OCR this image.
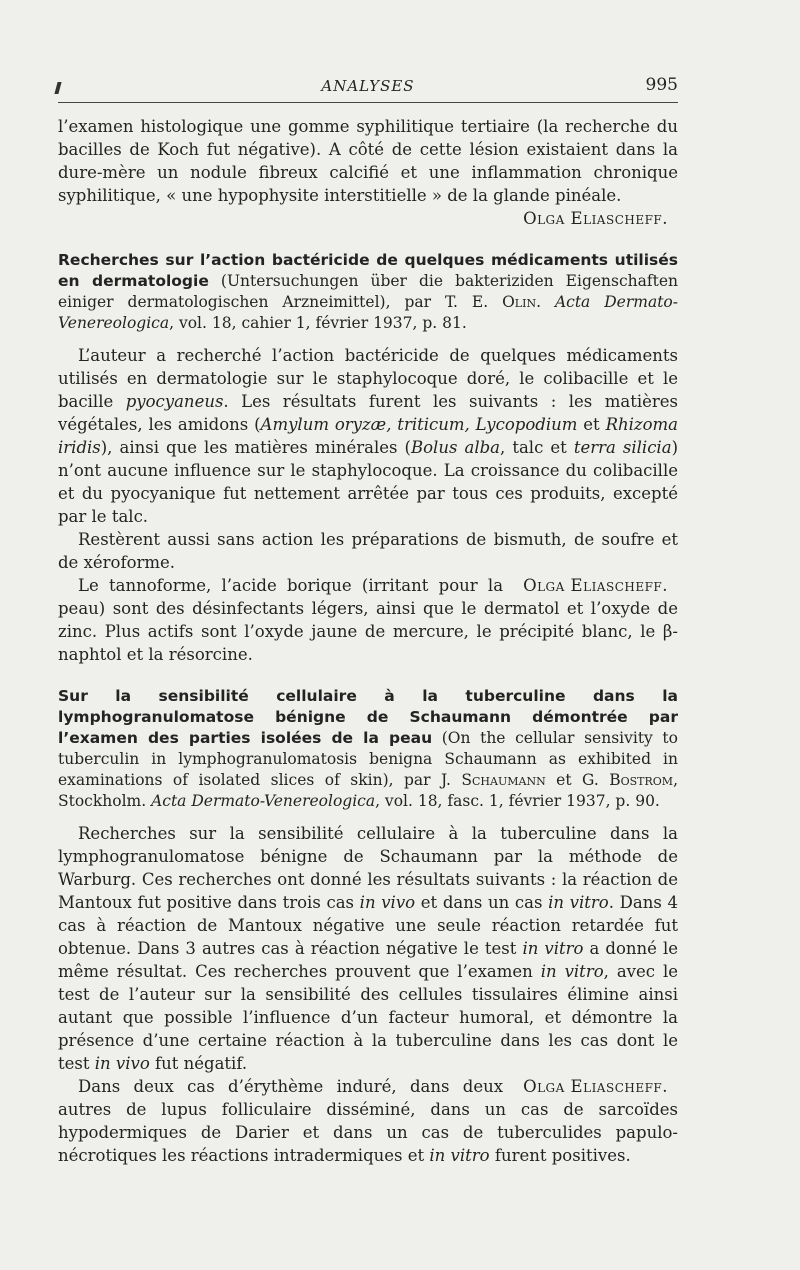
ANALYSES	995

l’examen histologique une gomme syphilitique tertiaire (la recherche du bacilles de Koch fut négative). A côté de cette lésion existaient dans la dure-mère un nodule fibreux calcifié et une inflammation chronique syphilitique, « une hypophysite interstitielle » de la glande pinéale.

Olga Eliascheff.

Recherches sur l’action bactéricide de quelques médicaments utilisés en dermatologie (Untersuchungen über die bakteriziden Eigenschaften einiger dermatologischen Arzneimittel), par T. E. Olin. Acta Dermato-Venereologica, vol. 18, cahier 1, février 1937, p. 81.

L’auteur a recherché l’action bactéricide de quelques médicaments utilisés en dermatologie sur le staphylocoque doré, le colibacille et le bacille pyocyaneus. Les résultats furent les suivants : les matières végétales, les amidons (Amylum oryzæ, triticum, Lycopodium et Rhizoma iridis), ainsi que les matières minérales (Bolus alba, talc et terra silicia) n’ont aucune influence sur le staphylocoque. La croissance du colibacille et du pyocyanique fut nettement arrêtée par tous ces produits, excepté par le talc.

Restèrent aussi sans action les préparations de bismuth, de soufre et de xéroforme.

Olga Eliascheff.
Le tannoforme, l’acide borique (irritant pour la peau) sont des désinfectants légers, ainsi que le dermatol et l’oxyde de zinc. Plus actifs sont l’oxyde jaune de mercure, le précipité blanc, le β-naphtol et la résorcine.

Sur la sensibilité cellulaire à la tuberculine dans la lymphogranulomatose bénigne de Schaumann démontrée par l’examen des parties isolées de la peau (On the cellular sensivity to tuberculin in lymphogranulomatosis benigna Schaumann as exhibited in examinations of isolated slices of skin), par J. Schaumann et G. Bostrom, Stockholm. Acta Dermato-Venereologica, vol. 18, fasc. 1, février 1937, p. 90.

Recherches sur la sensibilité cellulaire à la tuberculine dans la lymphogranulomatose bénigne de Schaumann par la méthode de Warburg. Ces recherches ont donné les résultats suivants : la réaction de Mantoux fut positive dans trois cas in vivo et dans un cas in vitro. Dans 4 cas à réaction de Mantoux négative une seule réaction retardée fut obtenue. Dans 3 autres cas à réaction négative le test in vitro a donné le même résultat. Ces recherches prouvent que l’examen in vitro, avec le test de l’auteur sur la sensibilité des cellules tissulaires élimine ainsi autant que possible l’influence d’un facteur humoral, et démontre la présence d’une certaine réaction à la tuberculine dans les cas dont le test in vivo fut négatif.

Olga Eliascheff.
Dans deux cas d’érythème induré, dans deux autres de lupus folliculaire disséminé, dans un cas de sarcoïdes hypodermiques de Darier et dans un cas de tuberculides papulo-nécrotiques les réactions intradermiques et in vitro furent positives.
